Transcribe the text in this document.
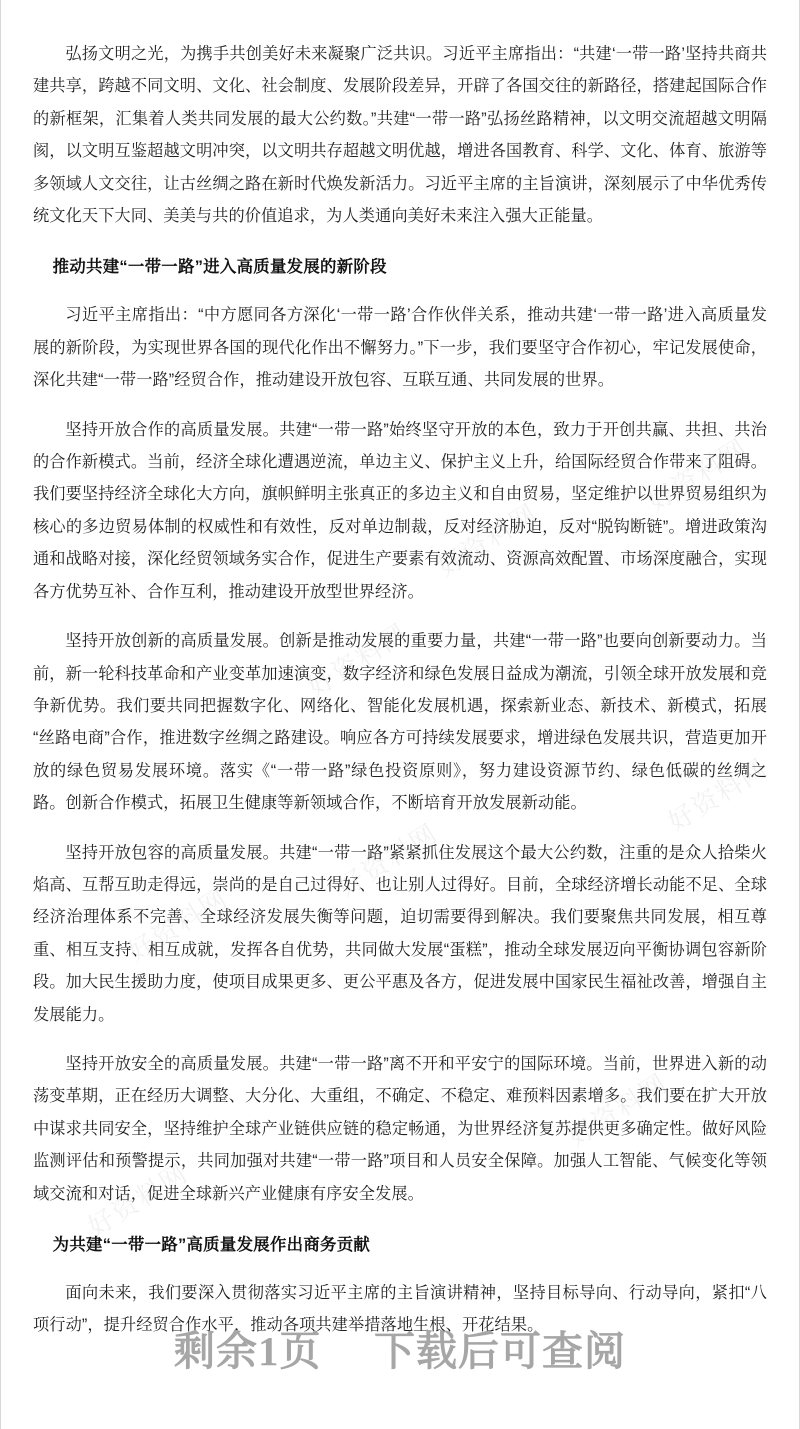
好资料网
好资料网
好资料网
好资料网
好资料网
好资料网
好资料网
好资料网

弘扬文明之光，为携手共创美好未来凝聚广泛共识。习近平主席指出：“共建‘一带一路’坚持共商共建共享，跨越不同文明、文化、社会制度、发展阶段差异，开辟了各国交往的新路径，搭建起国际合作的新框架，汇集着人类共同发展的最大公约数。”共建“一带一路”弘扬丝路精神，以文明交流超越文明隔阂，以文明互鉴超越文明冲突，以文明共存超越文明优越，增进各国教育、科学、文化、体育、旅游等多领域人文交往，让古丝绸之路在新时代焕发新活力。习近平主席的主旨演讲，深刻展示了中华优秀传统文化天下大同、美美与共的价值追求，为人类通向美好未来注入强大正能量。

推动共建“一带一路”进入高质量发展的新阶段

习近平主席指出：“中方愿同各方深化‘一带一路’合作伙伴关系，推动共建‘一带一路’进入高质量发展的新阶段，为实现世界各国的现代化作出不懈努力。”下一步，我们要坚守合作初心，牢记发展使命，深化共建“一带一路”经贸合作，推动建设开放包容、互联互通、共同发展的世界。

坚持开放合作的高质量发展。共建“一带一路”始终坚守开放的本色，致力于开创共赢、共担、共治的合作新模式。当前，经济全球化遭遇逆流，单边主义、保护主义上升，给国际经贸合作带来了阻碍。我们要坚持经济全球化大方向，旗帜鲜明主张真正的多边主义和自由贸易，坚定维护以世界贸易组织为核心的多边贸易体制的权威性和有效性，反对单边制裁，反对经济胁迫，反对“脱钩断链”。增进政策沟通和战略对接，深化经贸领域务实合作，促进生产要素有效流动、资源高效配置、市场深度融合，实现各方优势互补、合作互利，推动建设开放型世界经济。

坚持开放创新的高质量发展。创新是推动发展的重要力量，共建“一带一路”也要向创新要动力。当前，新一轮科技革命和产业变革加速演变，数字经济和绿色发展日益成为潮流，引领全球开放发展和竞争新优势。我们要共同把握数字化、网络化、智能化发展机遇，探索新业态、新技术、新模式，拓展“丝路电商”合作，推进数字丝绸之路建设。响应各方可持续发展要求，增进绿色发展共识，营造更加开放的绿色贸易发展环境。落实《“一带一路”绿色投资原则》，努力建设资源节约、绿色低碳的丝绸之路。创新合作模式，拓展卫生健康等新领域合作，不断培育开放发展新动能。

坚持开放包容的高质量发展。共建“一带一路”紧紧抓住发展这个最大公约数，注重的是众人拾柴火焰高、互帮互助走得远，崇尚的是自己过得好、也让别人过得好。目前，全球经济增长动能不足、全球经济治理体系不完善、全球经济发展失衡等问题，迫切需要得到解决。我们要聚焦共同发展，相互尊重、相互支持、相互成就，发挥各自优势，共同做大发展“蛋糕”，推动全球发展迈向平衡协调包容新阶段。加大民生援助力度，使项目成果更多、更公平惠及各方，促进发展中国家民生福祉改善，增强自主发展能力。

坚持开放安全的高质量发展。共建“一带一路”离不开和平安宁的国际环境。当前，世界进入新的动荡变革期，正在经历大调整、大分化、大重组，不确定、不稳定、难预料因素增多。我们要在扩大开放中谋求共同安全，坚持维护全球产业链供应链的稳定畅通，为世界经济复苏提供更多确定性。做好风险监测评估和预警提示，共同加强对共建“一带一路”项目和人员安全保障。加强人工智能、气候变化等领域交流和对话，促进全球新兴产业健康有序安全发展。

为共建“一带一路”高质量发展作出商务贡献

面向未来，我们要深入贯彻落实习近平主席的主旨演讲精神，坚持目标导向、行动导向，紧扣“八项行动”，提升经贸合作水平，推动各项共建举措落地生根、开花结果。

剩余1页 下载后可查阅
